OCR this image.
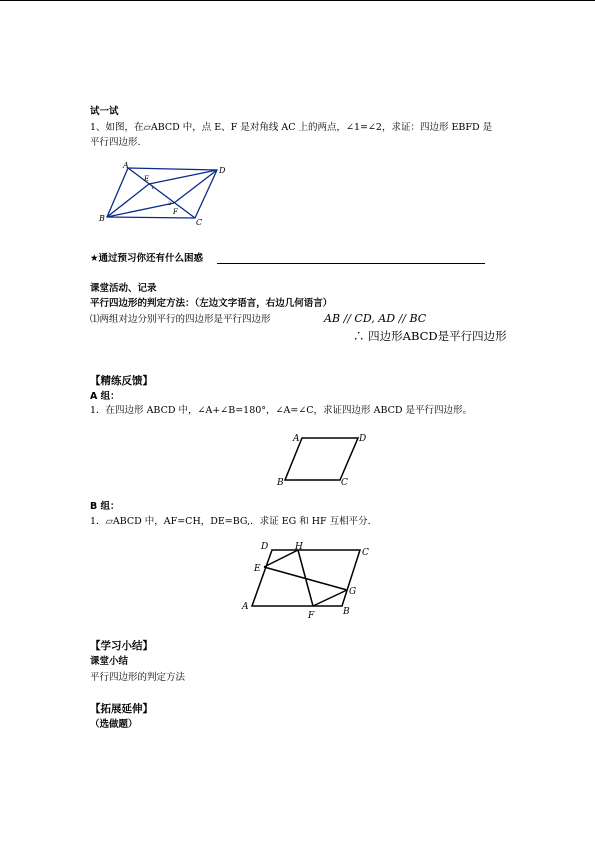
试一试
1、如图，在▱ABCD 中，点 E、F 是对角线 AC 上的两点，∠1=∠2，求证：四边形 EBFD 是
平行四边形.
A
D
B	C
E
F
1
2
★通过预习你还有什么困惑
课堂活动、记录
平行四边形的判定方法：（左边文字语言，右边几何语言）
⑴两组对边分别平行的四边形是平行四边形	AB // CD, AD // BC
∴ 四边形ABCD是平行四边形
【精练反馈】
A 组：
1．在四边形 ABCD 中，∠A+∠B=180°，∠A=∠C，求证四边形 ABCD 是平行四边形。
A	D
B	C
B 组：
1．▱ABCD 中，AF=CH，DE=BG,．求证 EG 和 HF 互相平分.
D	H
C
E
G
A
F	B
【学习小结】
课堂小结
平行四边形的判定方法
【拓展延伸】
（选做题）
